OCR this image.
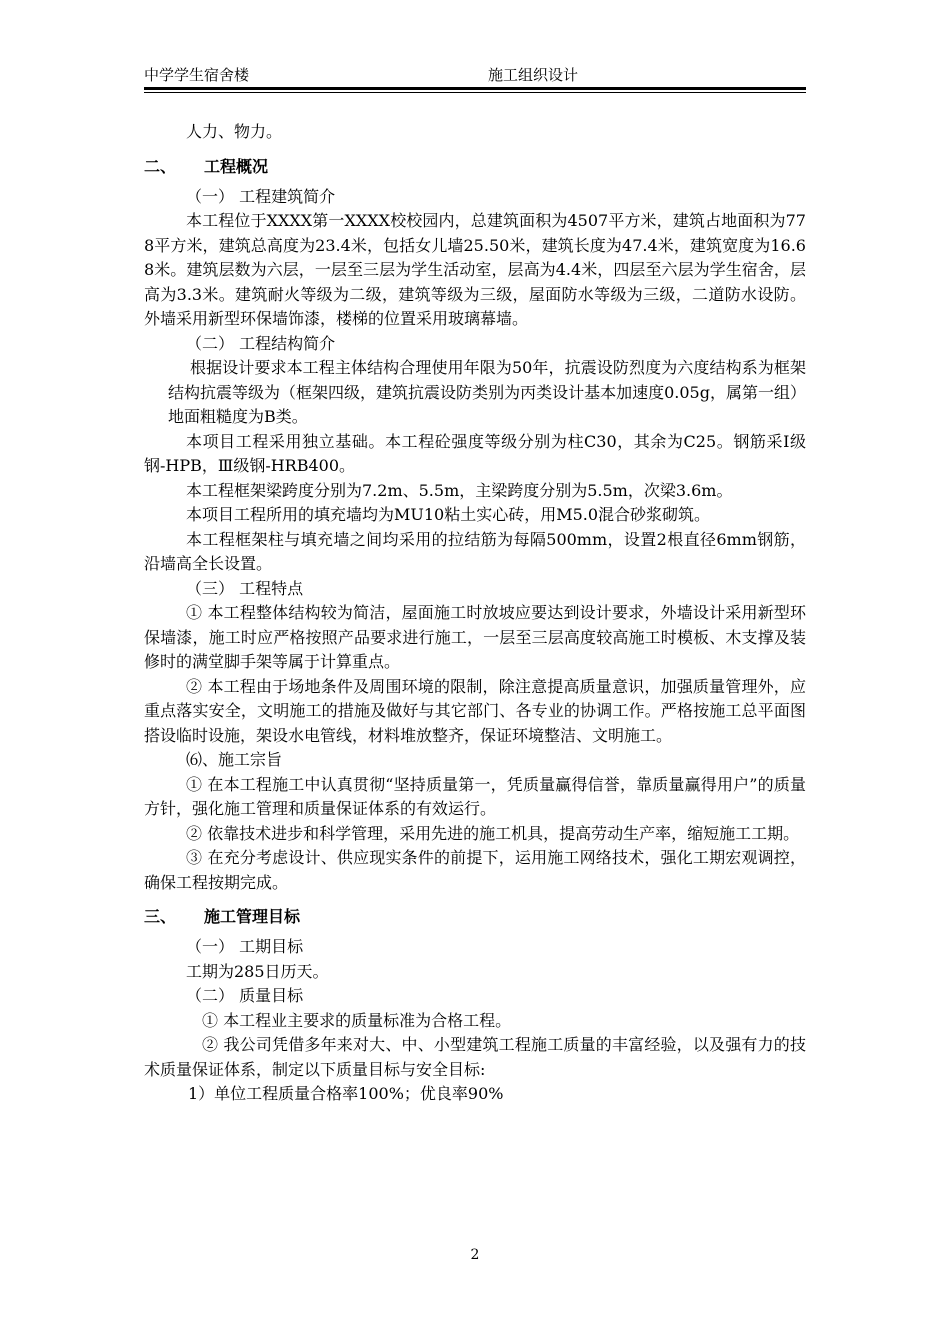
中学学生宿舍楼	施工组织设计

人力、物力。

二、 工程概况

（一） 工程建筑简介

本工程位于XXXX第一XXXX校校园内，总建筑面积为4507平方米，建筑占地面积为778平方米，建筑总高度为23.4米，包括女儿墙25.50米，建筑长度为47.4米，建筑宽度为16.68米。建筑层数为六层，一层至三层为学生活动室，层高为4.4米，四层至六层为学生宿舍，层高为3.3米。建筑耐火等级为二级，建筑等级为三级，屋面防水等级为三级，二道防水设防。外墙采用新型环保墙饰漆，楼梯的位置采用玻璃幕墙。

（二） 工程结构简介

根据设计要求本工程主体结构合理使用年限为50年，抗震设防烈度为六度结构系为框架结构抗震等级为（框架四级，建筑抗震设防类别为丙类设计基本加速度0.05g，属第一组）地面粗糙度为B类。

本项目工程采用独立基础。本工程砼强度等级分别为柱C30，其余为C25。钢筋采Ⅰ级钢-HPB，Ⅲ级钢-HRB400。

本工程框架梁跨度分别为7.2m、5.5m，主梁跨度分别为5.5m，次梁3.6m。

本项目工程所用的填充墙均为MU10粘土实心砖，用M5.0混合砂浆砌筑。

本工程框架柱与填充墙之间均采用的拉结筋为每隔500mm，设置2根直径6mm钢筋，沿墙高全长设置。

（三） 工程特点

① 本工程整体结构较为简洁，屋面施工时放坡应要达到设计要求，外墙设计采用新型环保墙漆，施工时应严格按照产品要求进行施工，一层至三层高度较高施工时模板、木支撑及装修时的满堂脚手架等属于计算重点。

② 本工程由于场地条件及周围环境的限制，除注意提高质量意识，加强质量管理外，应重点落实安全，文明施工的措施及做好与其它部门、各专业的协调工作。严格按施工总平面图搭设临时设施，架设水电管线，材料堆放整齐，保证环境整洁、文明施工。

⑹、施工宗旨

① 在本工程施工中认真贯彻“坚持质量第一，凭质量赢得信誉，靠质量赢得用户”的质量方针，强化施工管理和质量保证体系的有效运行。

② 依靠技术进步和科学管理，采用先进的施工机具，提高劳动生产率，缩短施工工期。

③ 在充分考虑设计、供应现实条件的前提下，运用施工网络技术，强化工期宏观调控，确保工程按期完成。

三、 施工管理目标

（一） 工期目标

工期为285日历天。

（二） 质量目标

① 本工程业主要求的质量标准为合格工程。

② 我公司凭借多年来对大、中、小型建筑工程施工质量的丰富经验，以及强有力的技术质量保证体系，制定以下质量目标与安全目标:

1）单位工程质量合格率100%；优良率90%

2
